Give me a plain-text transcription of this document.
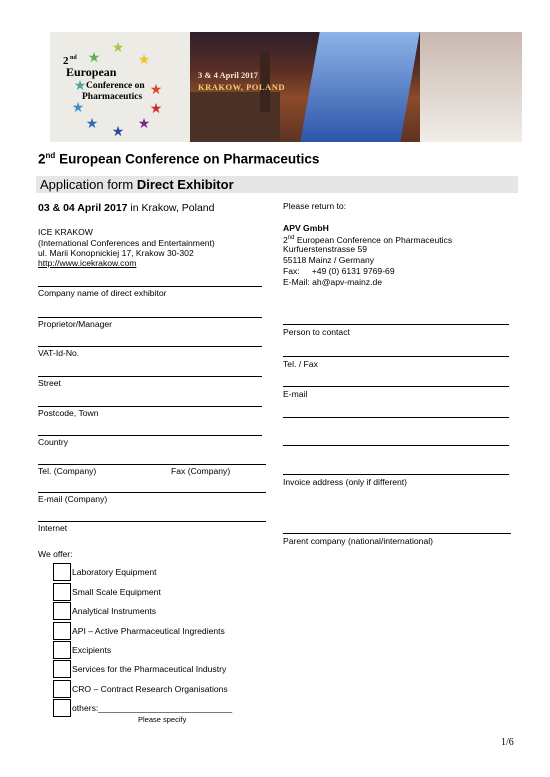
★
★
★
★
★
★
★
★
★
★
2 nd
European
Conference on
Pharmaceutics
3 & 4 April 2017
KRAKOW, POLAND
2nd European Conference on Pharmaceutics
Application form Direct Exhibitor
03 & 04 April 2017 in Krakow, Poland
ICE KRAKOW
(International Conferences and Entertainment)
ul. Marii Konopnickiej 17, Krakow 30-302
http://www.icekrakow.com
Please return to:
APV GmbH
2nd European Conference on Pharmaceutics
Kurfuerstenstrasse 59
55118 Mainz / Germany
Fax: +49 (0) 6131 9769-69
E-Mail: ah@apv-mainz.de
Company name of direct exhibitor
Proprietor/Manager
VAT-Id-No.
Street
Postcode, Town
Country
Tel. (Company)	Fax (Company)
E-mail (Company)
Internet
Person to contact
Tel. / Fax
E-mail
Invoice address (only if different)
Parent company (national/international)
We offer:
Laboratory Equipment
Small Scale Equipment
Analytical Instruments
API – Active Pharmaceutical Ingredients
Excipients
Services for the Pharmaceutical Industry
CRO – Contract Research Organisations
others:____________________________
Please specify
1/6
